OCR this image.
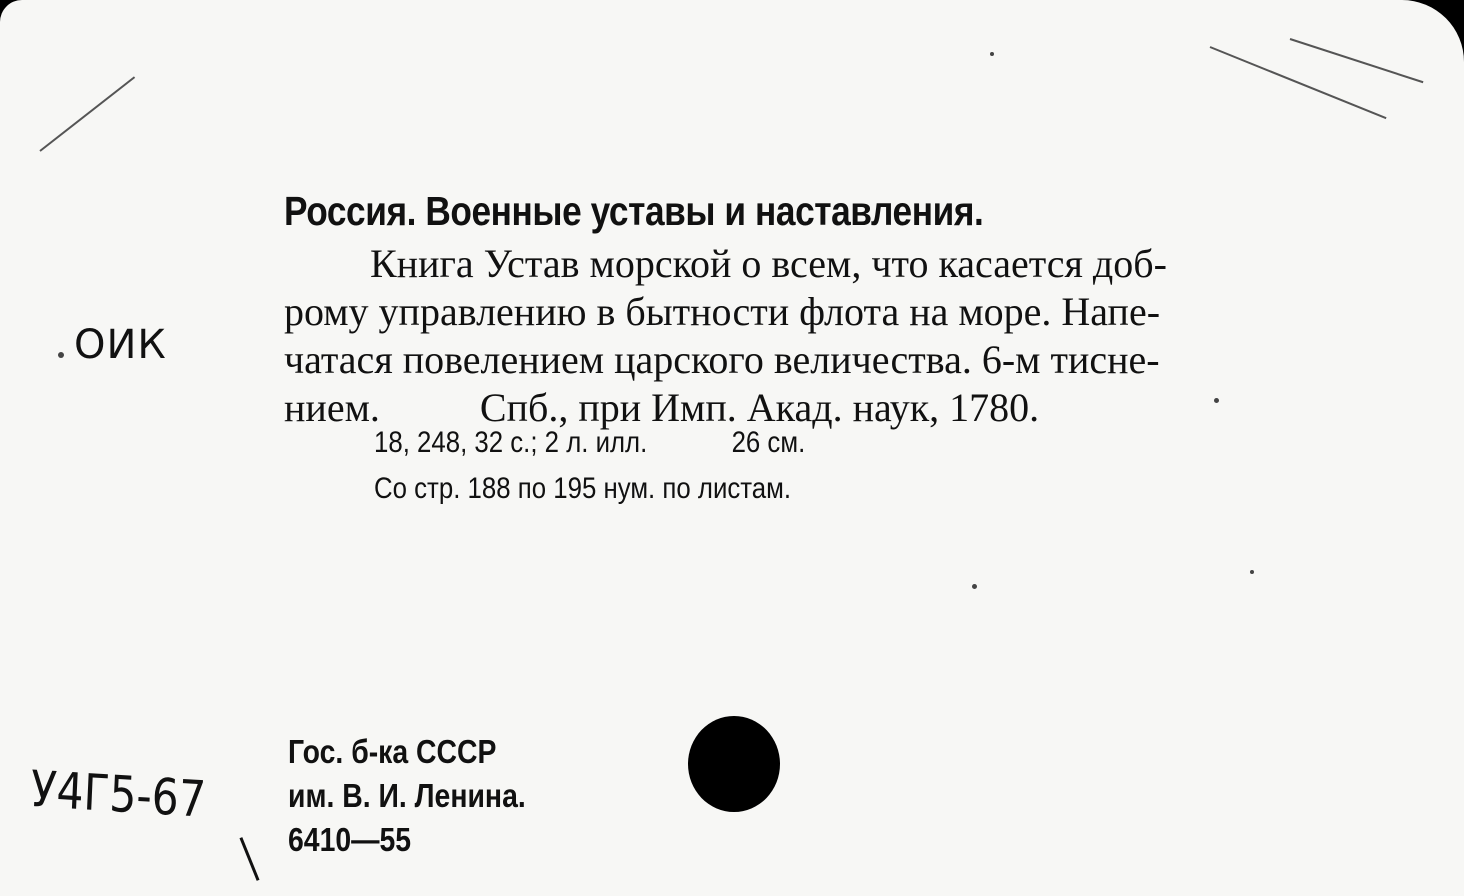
Россия. Военные уставы и наставления.
Книга Устав морской о всем, что касается доб-
рому управлению в бытности флота на море. Напе-
чатася повелением царского величества. 6-м тисне-
нием.	Спб., при Имп. Акад. наук, 1780.
18, 248, 32 с.; 2 л. илл.	26 см.
Со стр. 188 по 195 нум. по листам.
Гос. б-ка СССР
им. В. И. Ленина.
6410—55
ОИК
У4Г5-67
